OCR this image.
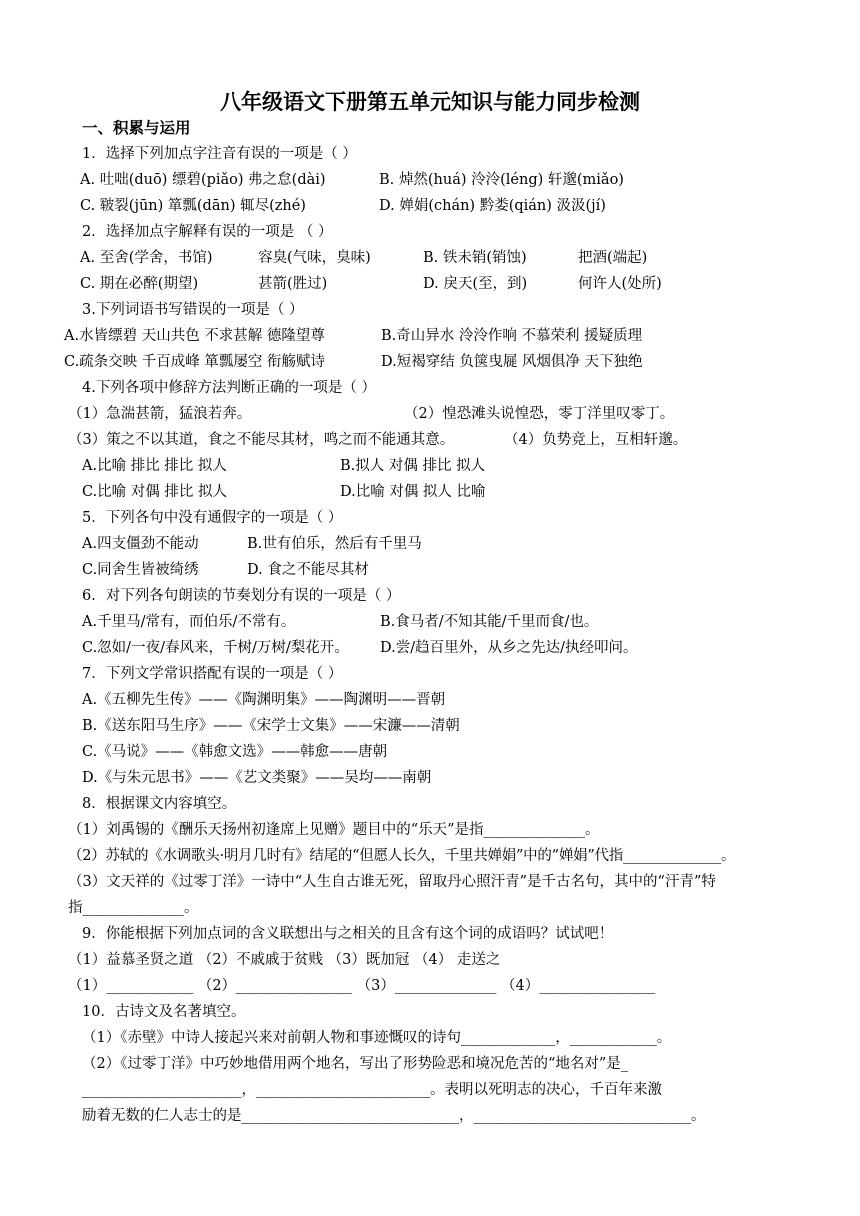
八年级语文下册第五单元知识与能力同步检测
一、积累与运用
1．选择下列加点字注音有误的一项是（ ）
A. 吐咄(duō) 缥碧(piǎo) 弗之怠(dài)	B. 焯然(huá) 泠泠(léng) 轩邈(miǎo)
C. 皲裂(jūn) 箪瓢(dān) 辄尽(zhé)	D. 婵娟(chán) 黔娄(qián) 汲汲(jí)
2．选择加点字解释有误的一项是 （ ）
A. 至舍(学舍，书馆)	容臭(气味，臭味)	B. 铁未销(销蚀)	把酒(端起)
C. 期在必醉(期望)	甚箭(胜过)	D. 戾天(至，到)	何许人(处所)
3.下列词语书写错误的一项是（ ）
A.水皆缥碧 天山共色 不求甚解 德隆望尊	B.奇山异水 泠泠作响 不慕荣利 援疑质理
C.疏条交映 千百成峰 箪瓢屡空 衔觞赋诗	D.短褐穿结 负箧曳屣 风烟俱净 天下独绝
4.下列各项中修辞方法判断正确的一项是（ ）
（1）急湍甚箭，猛浪若奔。	（2）惶恐滩头说惶恐，零丁洋里叹零丁。
（3）策之不以其道，食之不能尽其材，鸣之而不能通其意。	（4）负势竞上，互相轩邈。
A.比喻 排比 排比 拟人	B.拟人 对偶 排比 拟人
C.比喻 对偶 排比 拟人	D.比喻 对偶 拟人 比喻
5．下列各句中没有通假字的一项是（ ）
A.四支僵劲不能动	B.世有伯乐，然后有千里马
C.同舍生皆被绮绣	D. 食之不能尽其材
6．对下列各句朗读的节奏划分有误的一项是（ ）
A.千里马/常有，而伯乐/不常有。	B.食马者/不知其能/千里而食/也。
C.忽如/一夜/春风来，千树/万树/梨花开。 D.尝/趋百里外，从乡之先达/执经叩问。
7．下列文学常识搭配有误的一项是（ ）
A.《五柳先生传》——《陶渊明集》——陶渊明——晋朝
B.《送东阳马生序》——《宋学士文集》——宋濂——清朝
C.《马说》——《韩愈文选》——韩愈——唐朝
D.《与朱元思书》——《艺文类聚》——吴均——南朝
8．根据课文内容填空。
（1）刘禹锡的《酬乐天扬州初逢席上见赠》题目中的“乐天”是指______________。
（2）苏轼的《水调歌头·明月几时有》结尾的“但愿人长久，千里共婵娟”中的“婵娟”代指______________。
（3）文天祥的《过零丁洋》一诗中“人生自古谁无死，留取丹心照汗青”是千古名句，其中的“汗青”特
指______________。
9．你能根据下列加点词的含义联想出与之相关的且含有这个词的成语吗？试试吧！
（1）益慕圣贤之道 （2）不戚戚于贫贱 （3）既加冠 （4） 走送之
（1）____________ （2）________________ （3）______________ （4）________________
10．古诗文及名著填空。
（1）《赤壁》中诗人接起兴来对前朝人物和事迹慨叹的诗句_____________，____________。
（2）《过零丁洋》中巧妙地借用两个地名，写出了形势险恶和境况危苦的“地名对”是_
______________________，________________________。表明以死明志的决心，千百年来激
励着无数的仁人志士的是______________________________，______________________________。
